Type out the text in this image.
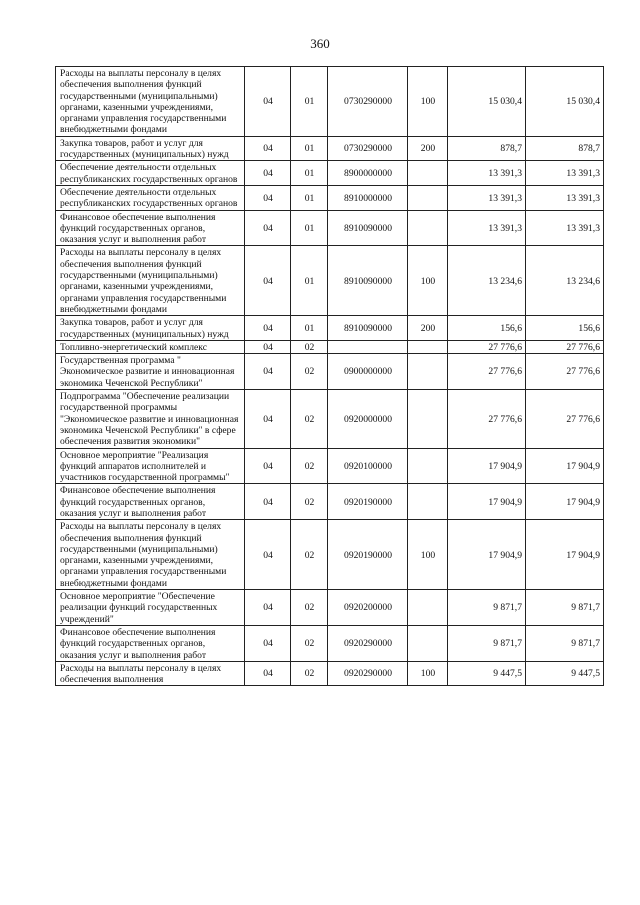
360
Расходы на выплаты персоналу в целях обеспечения выполнения функций государственными (муниципальными) органами, казенными учреждениями, органами управления государственными внебюджетными фондами	04	01	0730290000	100	15 030,4	15 030,4
Закупка товаров, работ и услуг для государственных (муниципальных) нужд	04	01	0730290000	200	878,7	878,7
Обеспечение деятельности отдельных республиканских государственных органов	04	01	8900000000		13 391,3	13 391,3
Обеспечение деятельности отдельных республиканских государственных органов	04	01	8910000000		13 391,3	13 391,3
Финансовое обеспечение выполнения функций государственных органов, оказания услуг и выполнения работ	04	01	8910090000		13 391,3	13 391,3
Расходы на выплаты персоналу в целях обеспечения выполнения функций государственными (муниципальными) органами, казенными учреждениями, органами управления государственными внебюджетными фондами	04	01	8910090000	100	13 234,6	13 234,6
Закупка товаров, работ и услуг для государственных (муниципальных) нужд	04	01	8910090000	200	156,6	156,6
Топливно-энергетический комплекс	04	02			27 776,6	27 776,6
Государственная программа " Экономическое развитие и инновационная экономика Чеченской Республики"	04	02	0900000000		27 776,6	27 776,6
Подпрограмма "Обеспечение реализации государственной программы "Экономическое развитие и инновационная экономика Чеченской Республики" в сфере обеспечения развития экономики"	04	02	0920000000		27 776,6	27 776,6
Основное мероприятие "Реализация функций аппаратов исполнителей и участников государственной программы"	04	02	0920100000		17 904,9	17 904,9
Финансовое обеспечение выполнения функций государственных органов, оказания услуг и выполнения работ	04	02	0920190000		17 904,9	17 904,9
Расходы на выплаты персоналу в целях обеспечения выполнения функций государственными (муниципальными) органами, казенными учреждениями, органами управления государственными внебюджетными фондами	04	02	0920190000	100	17 904,9	17 904,9
Основное мероприятие "Обеспечение реализации функций государственных учреждений"	04	02	0920200000		9 871,7	9 871,7
Финансовое обеспечение выполнения функций государственных органов, оказания услуг и выполнения работ	04	02	0920290000		9 871,7	9 871,7
Расходы на выплаты персоналу в целях обеспечения выполнения	04	02	0920290000	100	9 447,5	9 447,5
